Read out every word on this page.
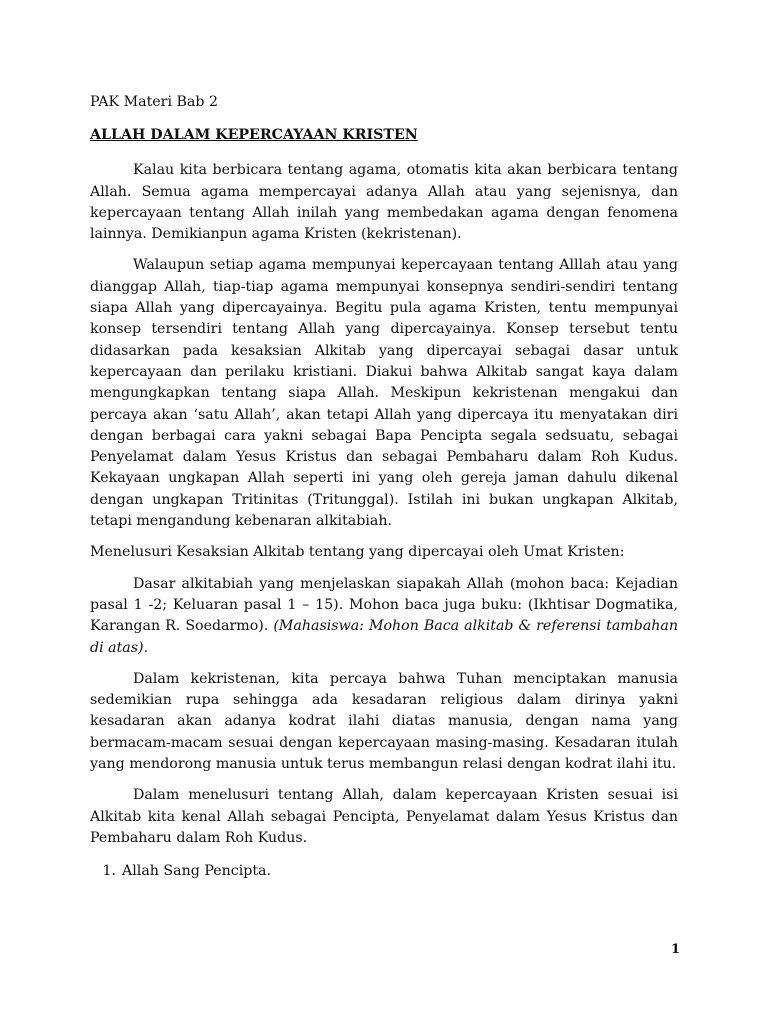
PAK Materi Bab 2

ALLAH DALAM KEPERCAYAAN KRISTEN

Kalau kita berbicara tentang agama, otomatis kita akan berbicara tentang Allah. Semua agama mempercayai adanya Allah atau yang sejenisnya, dan kepercayaan tentang Allah inilah yang membedakan agama dengan fenomena lainnya. Demikianpun agama Kristen (kekristenan).

Walaupun setiap agama mempunyai kepercayaan tentang Alllah atau yang dianggap Allah, tiap-tiap agama mempunyai konsepnya sendiri-sendiri tentang siapa Allah yang dipercayainya. Begitu pula agama Kristen, tentu mempunyai konsep tersendiri tentang Allah yang dipercayainya. Konsep tersebut tentu didasarkan pada kesaksian Alkitab yang dipercayai sebagai dasar untuk kepercayaan dan perilaku kristiani. Diakui bahwa Alkitab sangat kaya dalam mengungkapkan tentang siapa Allah. Meskipun kekristenan mengakui dan percaya akan ‘satu Allah’, akan tetapi Allah yang dipercaya itu menyatakan diri dengan berbagai cara yakni sebagai Bapa Pencipta segala sedsuatu, sebagai Penyelamat dalam Yesus Kristus dan sebagai Pembaharu dalam Roh Kudus. Kekayaan ungkapan Allah seperti ini yang oleh gereja jaman dahulu dikenal dengan ungkapan Tritinitas (Tritunggal). Istilah ini bukan ungkapan Alkitab, tetapi mengandung kebenaran alkitabiah.

Menelusuri Kesaksian Alkitab tentang yang dipercayai oleh Umat Kristen:

Dasar alkitabiah yang menjelaskan siapakah Allah (mohon baca: Kejadian pasal 1 -2; Keluaran pasal 1 – 15). Mohon baca juga buku: (Ikhtisar Dogmatika, Karangan R. Soedarmo). (Mahasiswa: Mohon Baca alkitab & referensi tambahan di atas).

Dalam kekristenan, kita percaya bahwa Tuhan menciptakan manusia sedemikian rupa sehingga ada kesadaran religious dalam dirinya yakni kesadaran akan adanya kodrat ilahi diatas manusia, dengan nama yang bermacam-macam sesuai dengan kepercayaan masing-masing. Kesadaran itulah yang mendorong manusia untuk terus membangun relasi dengan kodrat ilahi itu.

Dalam menelusuri tentang Allah, dalam kepercayaan Kristen sesuai isi Alkitab kita kenal Allah sebagai Pencipta, Penyelamat dalam Yesus Kristus dan Pembaharu dalam Roh Kudus.

1. Allah Sang Pencipta.
1
